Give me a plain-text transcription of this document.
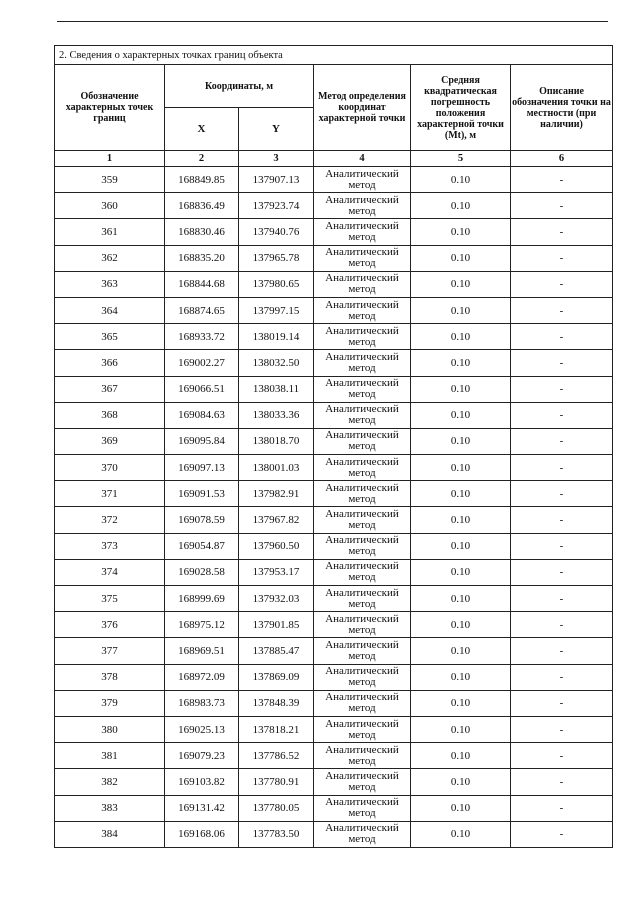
2. Сведения о характерных точках границ объекта					
Обозначение характерных точек границ	Координаты, м		Метод определения координат характерной точки	Средняя квадратическая погрешность положения характерной точки (Mt), м	Описание обозначения точки на местности (при наличии)
	X	Y			
1	2	3	4	5	6
359	168849.85	137907.13	Аналитический метод	0.10	-
360	168836.49	137923.74	Аналитический метод	0.10	-
361	168830.46	137940.76	Аналитический метод	0.10	-
362	168835.20	137965.78	Аналитический метод	0.10	-
363	168844.68	137980.65	Аналитический метод	0.10	-
364	168874.65	137997.15	Аналитический метод	0.10	-
365	168933.72	138019.14	Аналитический метод	0.10	-
366	169002.27	138032.50	Аналитический метод	0.10	-
367	169066.51	138038.11	Аналитический метод	0.10	-
368	169084.63	138033.36	Аналитический метод	0.10	-
369	169095.84	138018.70	Аналитический метод	0.10	-
370	169097.13	138001.03	Аналитический метод	0.10	-
371	169091.53	137982.91	Аналитический метод	0.10	-
372	169078.59	137967.82	Аналитический метод	0.10	-
373	169054.87	137960.50	Аналитический метод	0.10	-
374	169028.58	137953.17	Аналитический метод	0.10	-
375	168999.69	137932.03	Аналитический метод	0.10	-
376	168975.12	137901.85	Аналитический метод	0.10	-
377	168969.51	137885.47	Аналитический метод	0.10	-
378	168972.09	137869.09	Аналитический метод	0.10	-
379	168983.73	137848.39	Аналитический метод	0.10	-
380	169025.13	137818.21	Аналитический метод	0.10	-
381	169079.23	137786.52	Аналитический метод	0.10	-
382	169103.82	137780.91	Аналитический метод	0.10	-
383	169131.42	137780.05	Аналитический метод	0.10	-
384	169168.06	137783.50	Аналитический метод	0.10	-
